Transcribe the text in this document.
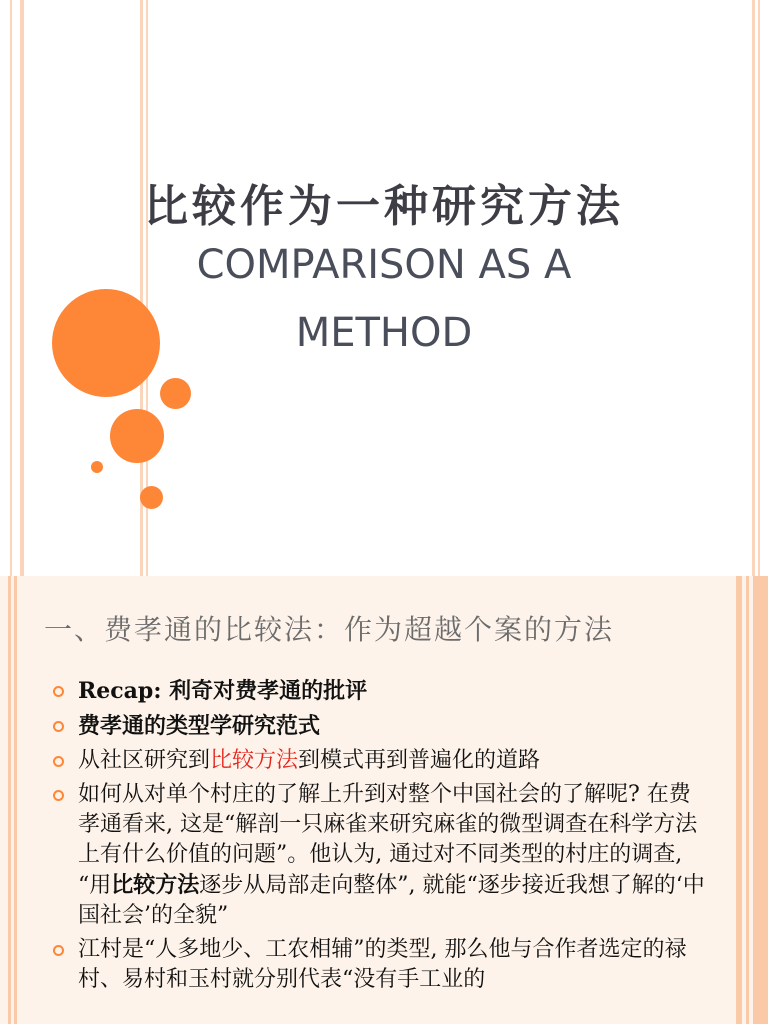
比较作为一种研究方法
COMPARISON AS A
METHOD
一、费孝通的比较法：作为超越个案的方法
Recap: 利奇对费孝通的批评
费孝通的类型学研究范式
从社区研究到比较方法到模式再到普遍化的道路
如何从对单个村庄的了解上升到对整个中国社会的了解呢? 在费孝通看来, 这是“解剖一只麻雀来研究麻雀的微型调查在科学方法上有什么价值的问题”。他认为, 通过对不同类型的村庄的调查, “用比较方法逐步从局部走向整体”, 就能“逐步接近我想了解的‘中国社会’的全貌”
江村是“人多地少、工农相辅”的类型, 那么他与合作者选定的禄村、易村和玉村就分别代表“没有手工业的
